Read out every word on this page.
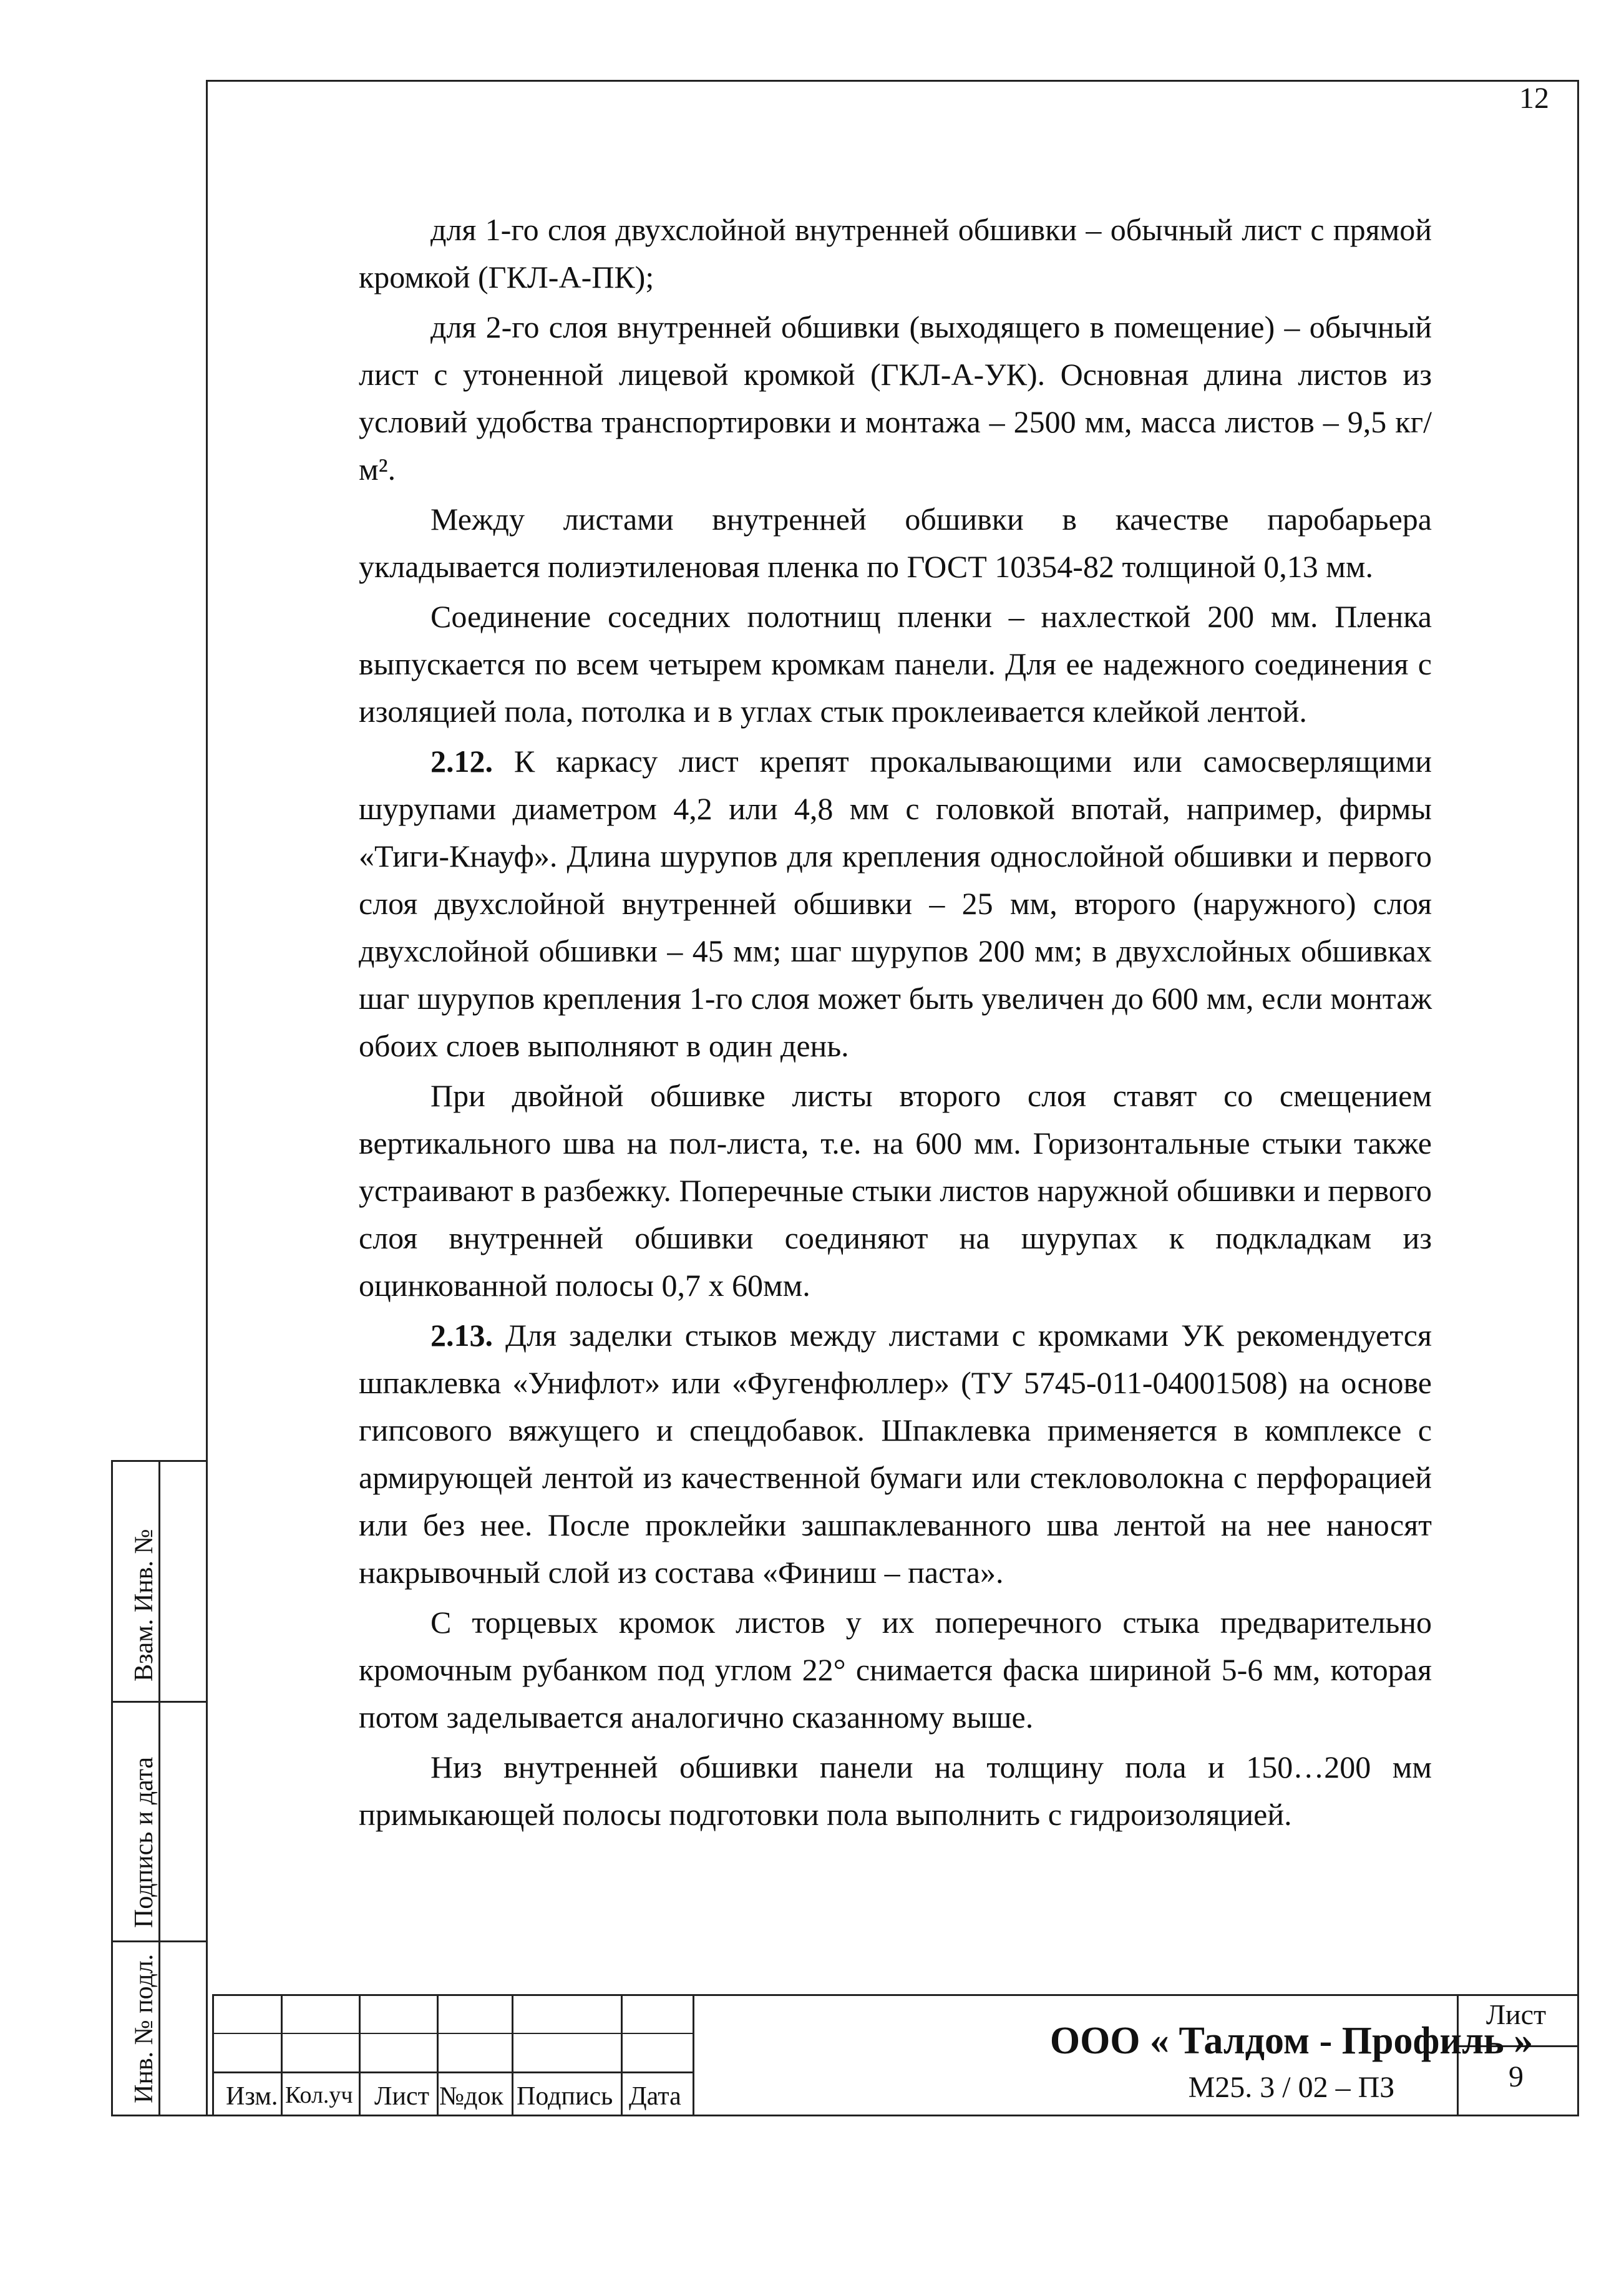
12

для 1-го слоя двухслойной внутренней обшивки – обычный лист с прямой кромкой (ГКЛ-А-ПК);

для 2-го слоя внутренней обшивки (выходящего в помещение) – обычный лист с утоненной лицевой кромкой (ГКЛ-А-УК). Основная длина листов из условий удобства транспортировки и монтажа – 2500 мм, масса листов – 9,5 кг/м².

Между листами внутренней обшивки в качестве паробарьера укладывается полиэтиленовая пленка по ГОСТ 10354-82 толщиной 0,13 мм.

Соединение соседних полотнищ пленки – нахлесткой 200 мм. Пленка выпускается по всем четырем кромкам панели. Для ее надежного соединения с изоляцией пола, потолка и в углах стык проклеивается клейкой лентой.

2.12. К каркасу лист крепят прокалывающими или самосверлящими шурупами диаметром 4,2 или 4,8 мм с головкой впотай, например, фирмы «Тиги-Кнауф». Длина шурупов для крепления однослойной обшивки и первого слоя двухслойной внутренней обшивки – 25 мм, второго (наружного) слоя двухслойной обшивки – 45 мм; шаг шурупов 200 мм; в двухслойных обшивках шаг шурупов крепления 1-го слоя может быть увеличен до 600 мм, если монтаж обоих слоев выполняют в один день.

При двойной обшивке листы второго слоя ставят со смещением вертикального шва на пол-листа, т.е. на 600 мм. Горизонтальные стыки также устраивают в разбежку. Поперечные стыки листов наружной обшивки и первого слоя внутренней обшивки соединяют на шурупах к подкладкам из оцинкованной полосы 0,7 х 60мм.

2.13. Для заделки стыков между листами с кромками УК рекомендуется шпаклевка «Унифлот» или «Фугенфюллер» (ТУ 5745-011-04001508) на основе гипсового вяжущего и спецдобавок. Шпаклевка применяется в комплексе с армирующей лентой из качественной бумаги или стекловолокна с перфорацией или без нее. После проклейки зашпаклеванного шва лентой на нее наносят накрывочный слой из состава «Финиш – паста».

С торцевых кромок листов у их поперечного стыка предварительно кромочным рубанком под углом 22° снимается фаска шириной 5-6 мм, которая потом заделывается аналогично сказанному выше.

Низ внутренней обшивки панели на толщину пола и 150…200 мм примыкающей полосы подготовки пола выполнить с гидроизоляцией.

Взам. Инв. №
Подпись и дата
Инв. № подл.	Изм. Кол.уч Лист №док Подпись Дата
ООО « Талдом - Профиль »
М25. 3 / 02 – ПЗ
Лист
9
